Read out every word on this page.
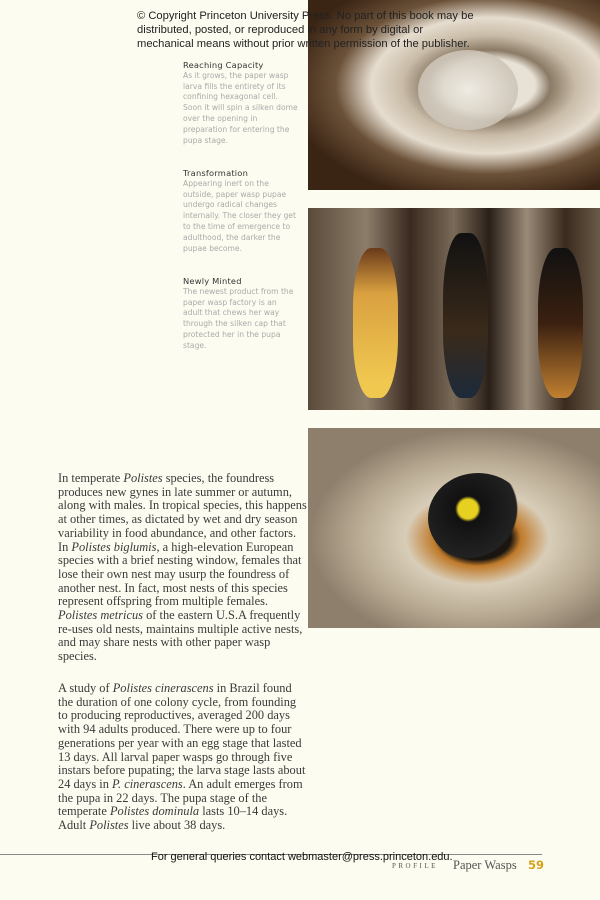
© Copyright Princeton University Press. No part of this book may be distributed, posted, or reproduced in any form by digital or mechanical means without prior written permission of the publisher.
Reaching Capacity

As it grows, the paper wasp larva fills the entirety of its confining hexagonal cell. Soon it will spin a silken dome over the opening in preparation for entering the pupa stage.

Transformation

Appearing inert on the outside, paper wasp pupae undergo radical changes internally. The closer they get to the time of emergence to adulthood, the darker the pupae become.

Newly Minted

The newest product from the paper wasp factory is an adult that chews her way through the silken cap that protected her in the pupa stage.

In temperate Polistes species, the foundress produces new gynes in late summer or autumn, along with males. In tropical species, this happens at other times, as dictated by wet and dry season variability in food abundance, and other factors. In Polistes biglumis, a high-elevation European species with a brief nesting window, females that lose their own nest may usurp the foundress of another nest. In fact, most nests of this species represent offspring from multiple females. Polistes metricus of the eastern U.S.A frequently re-uses old nests, maintains multiple active nests, and may share nests with other paper wasp species.

A study of Polistes cinerascens in Brazil found the duration of one colony cycle, from founding to producing reproductives, averaged 200 days with 94 adults produced. There were up to four generations per year with an egg stage that lasted 13 days. All larval paper wasps go through five instars before pupating; the larva stage lasts about 24 days in P. cinerascens. An adult emerges from the pupa in 22 days. The pupa stage of the temperate Polistes dominula lasts 10–14 days. Adult Polistes live about 38 days.

For general queries contact webmaster@press.princeton.edu.
PROFILE Paper Wasps 59
